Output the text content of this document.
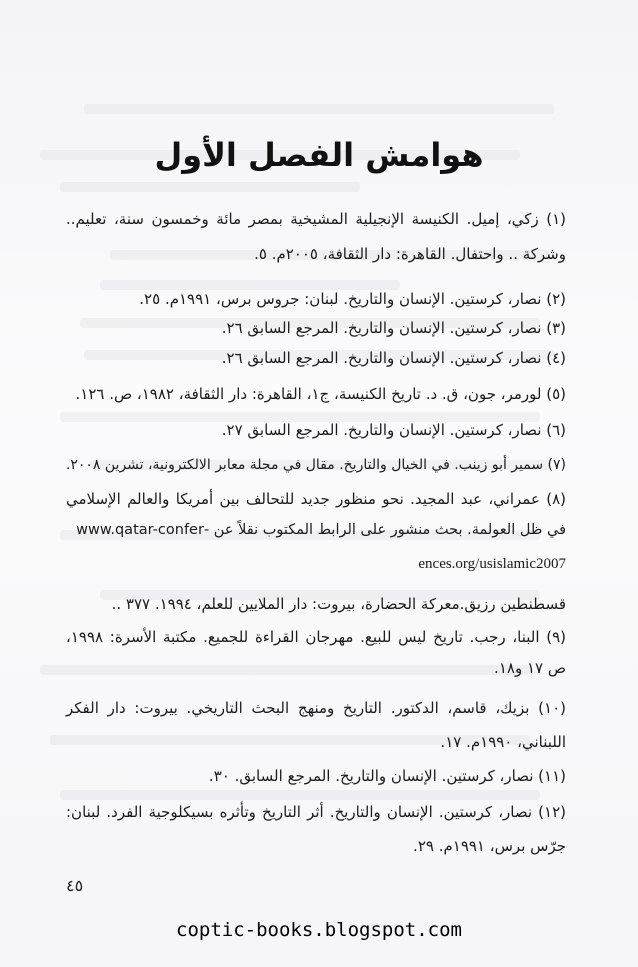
هوامش الفصل الأول
(١) زكي، إميل. الكنيسة الإنجيلية المشيخية بمصر مائة وخمسون سنة، تعليم..
وشركة .. واحتفال. القاهرة: دار الثقافة، ٢٠٠٥م. ٥.
(٢) نصار، كرستين. الإنسان والتاريخ. لبنان: جروس برس، ١٩٩١م. ٢٥.
(٣) نصار، كرستين. الإنسان والتاريخ. المرجع السابق ٢٦.
(٤) نصار، كرستين. الإنسان والتاريخ. المرجع السابق ٢٦.
(٥) لورمر، جون، ق. د. تاريخ الكنيسة، ج١، القاهرة: دار الثقافة، ١٩٨٢، ص. ١٢٦.
(٦) نصار، كرستين. الإنسان والتاريخ. المرجع السابق ٢٧.
(٧) سمير أبو زينب. في الخيال والتاريخ. مقال في مجلة معابر الالكترونية، تشرين ٢٠٠٨.
(٨) عمراني، عبد المجيد. نحو منظور جديد للتحالف بين أمريكا والعالم الإسلامي
في ظل العولمة. بحث منشور على الرابط المكتوب نقلاً عن -www.qatar-confer
ences.org/usislamic2007
قسطنطين رزيق.معركة الحضارة، بيروت: دار الملايين للعلم، ١٩٩٤. ٣٧٧ ..
(٩) البنا، رجب. تاريخ ليس للبيع. مهرجان القراءة للجميع. مكتبة الأسرة: ١٩٩٨،
ص ١٧ و١٨.
(١٠) بزيك، قاسم، الدكتور. التاريخ ومنهج البحث التاريخي. بيروت: دار الفكر
اللبناني، ١٩٩٠م. ١٧.
(١١) نصار، كرستين. الإنسان والتاريخ. المرجع السابق. ٣٠.
(١٢) نصار، كرستين. الإنسان والتاريخ. أثر التاريخ وتأثره بسيكلوجية الفرد. لبنان:
جرّس برس، ١٩٩١م. ٢٩.
٤٥
coptic-books.blogspot.com
